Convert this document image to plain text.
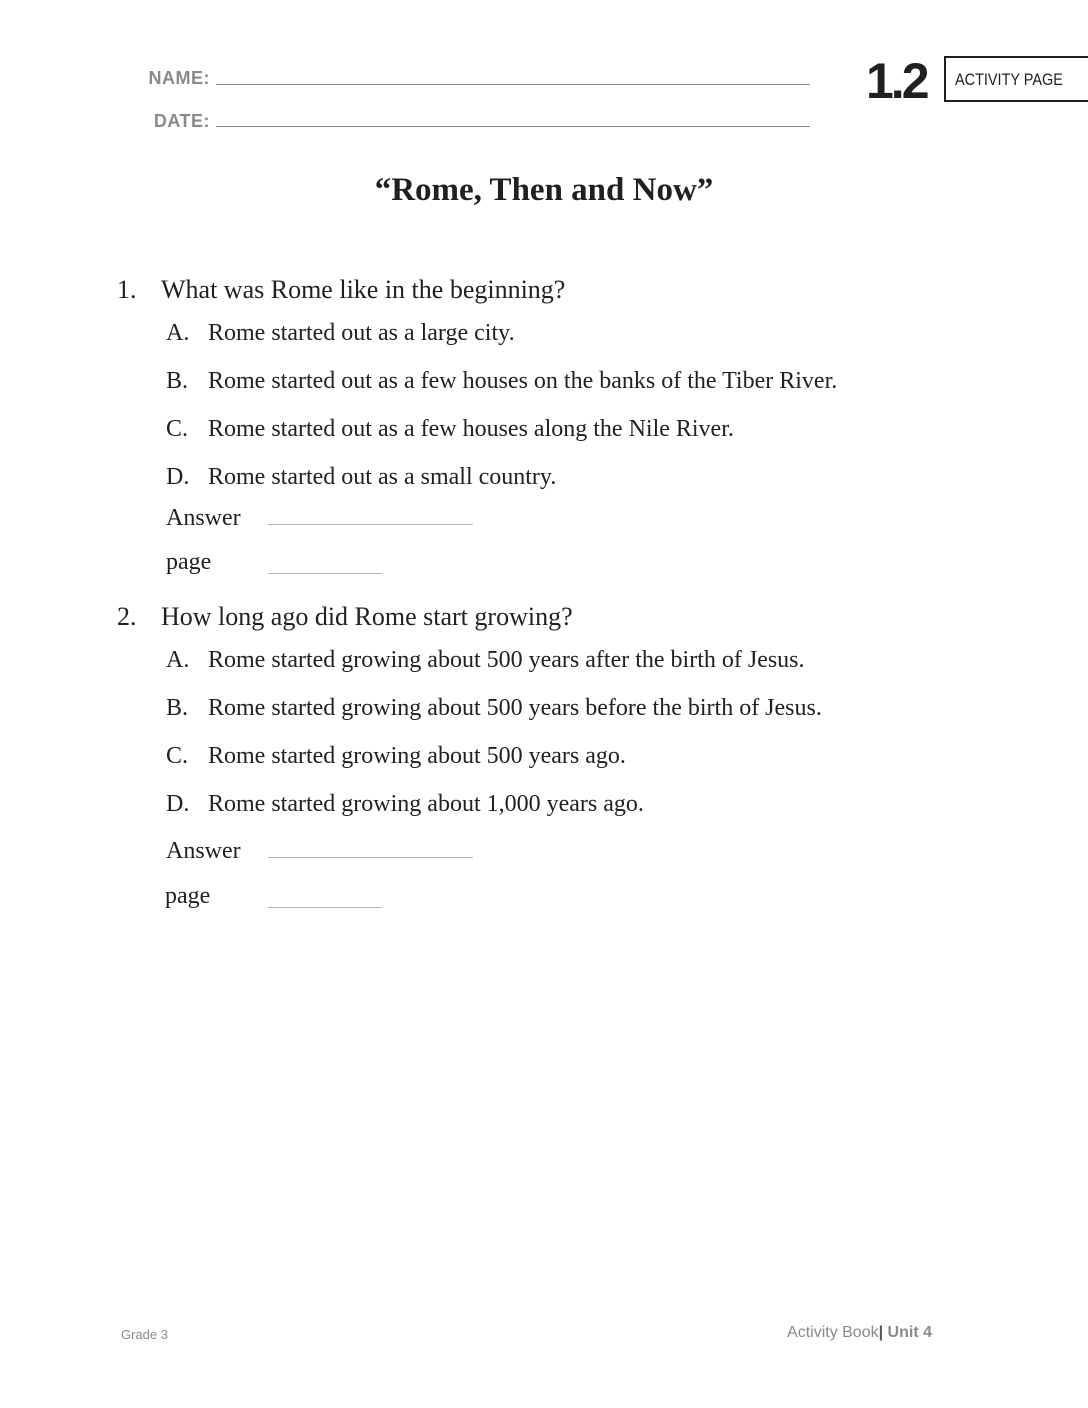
NAME:
DATE:
1.2	ACTIVITY PAGE
“Rome, Then and Now”
1. What was Rome like in the beginning?
A. Rome started out as a large city.
B. Rome started out as a few houses on the banks of the Tiber River.
C. Rome started out as a few houses along the Nile River.
D. Rome started out as a small country.
Answer
page
2. How long ago did Rome start growing?
A. Rome started growing about 500 years after the birth of Jesus.
B. Rome started growing about 500 years before the birth of Jesus.
C. Rome started growing about 500 years ago.
D. Rome started growing about 1,000 years ago.
Answer
page
Grade 3	Activity Book| Unit 4
